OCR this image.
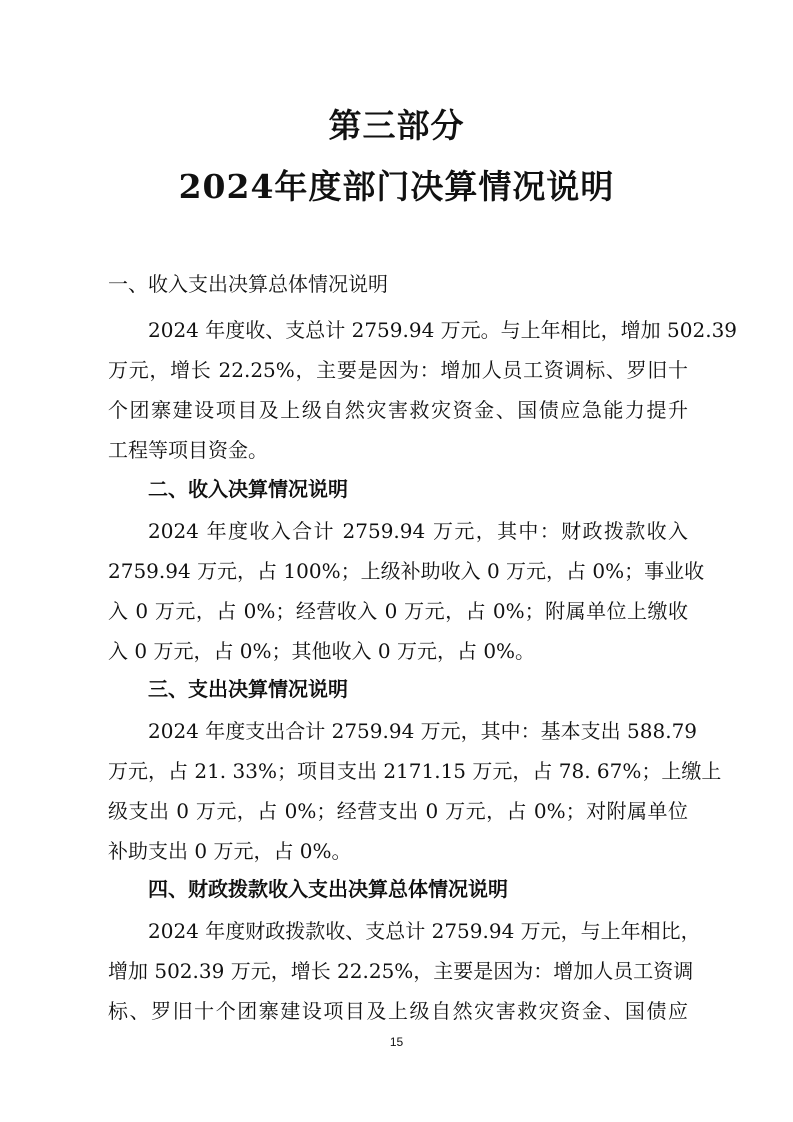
第三部分
2024年度部门决算情况说明
一、收入支出决算总体情况说明
2024 年度收、支总计 2759.94 万元。与上年相比，增加 502.39
万元，增长 22.25%，主要是因为：增加人员工资调标、罗旧十
个团寨建设项目及上级自然灾害救灾资金、国债应急能力提升
工程等项目资金。
二、收入决算情况说明
2024 年度收入合计 2759.94 万元，其中：财政拨款收入
2759.94 万元，占 100%；上级补助收入 0 万元，占 0%；事业收
入 0 万元，占 0%；经营收入 0 万元，占 0%；附属单位上缴收
入 0 万元，占 0%；其他收入 0 万元，占 0%。
三、支出决算情况说明
2024 年度支出合计 2759.94 万元，其中：基本支出 588.79
万元，占 21. 33%；项目支出 2171.15 万元，占 78. 67%；上缴上
级支出 0 万元，占 0%；经营支出 0 万元，占 0%；对附属单位
补助支出 0 万元，占 0%。
四、财政拨款收入支出决算总体情况说明
2024 年度财政拨款收、支总计 2759.94 万元，与上年相比，
增加 502.39 万元，增长 22.25%，主要是因为：增加人员工资调
标、罗旧十个团寨建设项目及上级自然灾害救灾资金、国债应
15
